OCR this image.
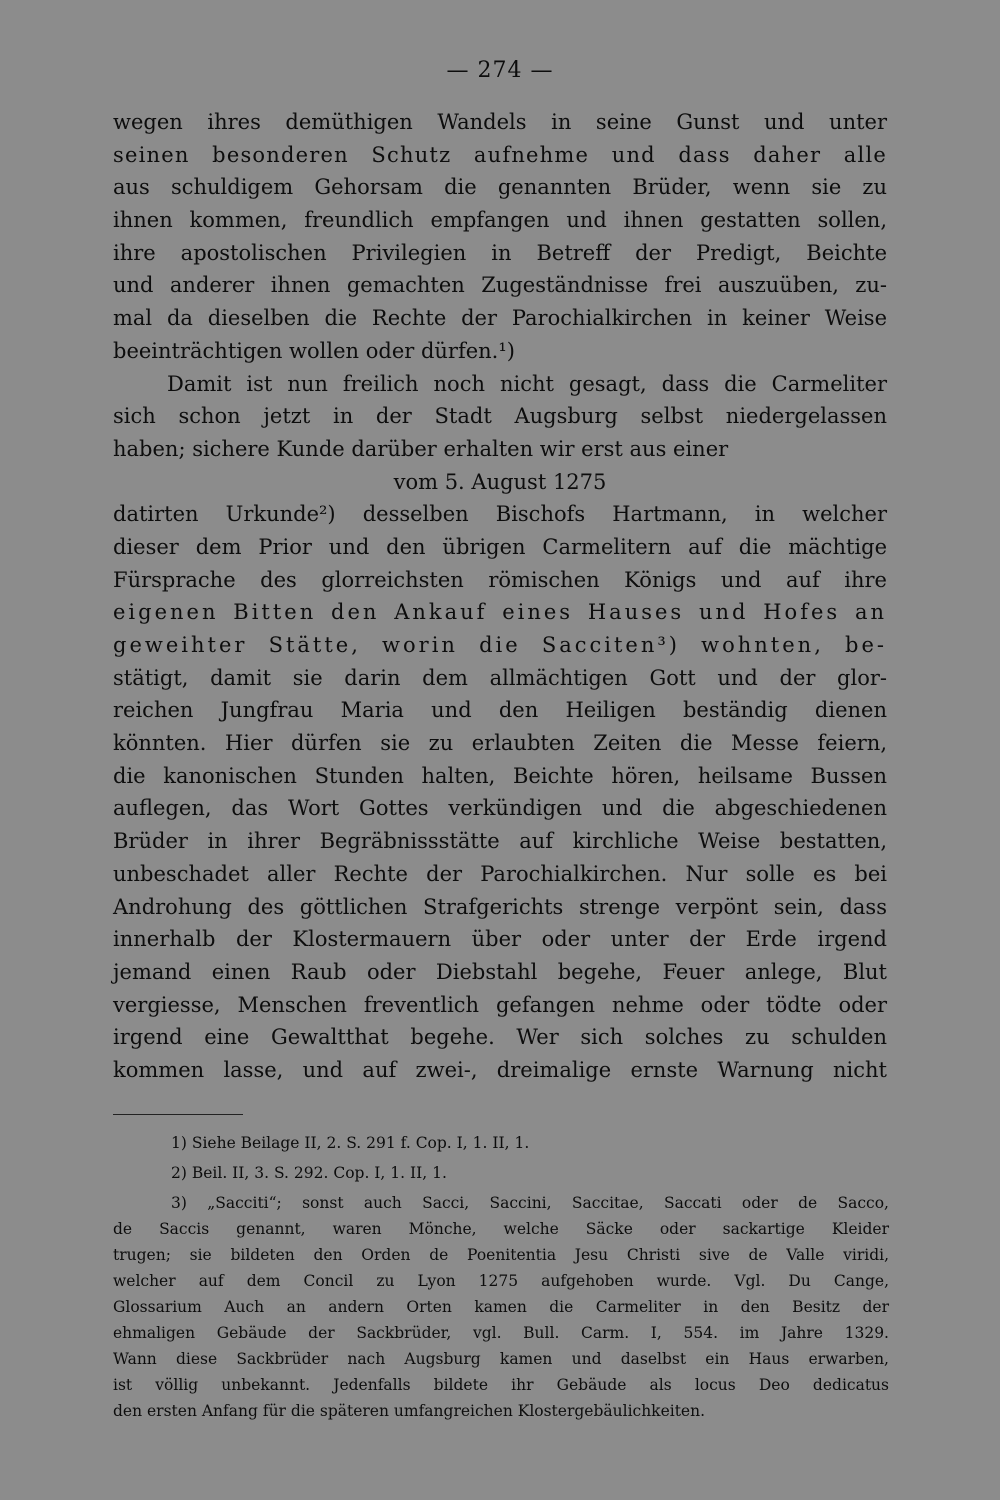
— 274 —
wegen ihres demüthigen Wandels in seine Gunst und unter
seinen besonderen Schutz aufnehme und dass daher alle
aus schuldigem Gehorsam die genannten Brüder, wenn sie zu
ihnen kommen, freundlich empfangen und ihnen gestatten sollen,
ihre apostolischen Privilegien in Betreff der Predigt, Beichte
und anderer ihnen gemachten Zugeständnisse frei auszuüben, zu-
mal da dieselben die Rechte der Parochialkirchen in keiner Weise
beeinträchtigen wollen oder dürfen.¹)
Damit ist nun freilich noch nicht gesagt, dass die Carmeliter
sich schon jetzt in der Stadt Augsburg selbst niedergelassen
haben; sichere Kunde darüber erhalten wir erst aus einer
vom 5. August 1275
datirten Urkunde²) desselben Bischofs Hartmann, in welcher
dieser dem Prior und den übrigen Carmelitern auf die mächtige
Fürsprache des glorreichsten römischen Königs und auf ihre
eigenen Bitten den Ankauf eines Hauses und Hofes an
geweihter Stätte, worin die Sacciten³) wohnten, be-
stätigt, damit sie darin dem allmächtigen Gott und der glor-
reichen Jungfrau Maria und den Heiligen beständig dienen
könnten. Hier dürfen sie zu erlaubten Zeiten die Messe feiern,
die kanonischen Stunden halten, Beichte hören, heilsame Bussen
auflegen, das Wort Gottes verkündigen und die abgeschiedenen
Brüder in ihrer Begräbnissstätte auf kirchliche Weise bestatten,
unbeschadet aller Rechte der Parochialkirchen. Nur solle es bei
Androhung des göttlichen Strafgerichts strenge verpönt sein, dass
innerhalb der Klostermauern über oder unter der Erde irgend
jemand einen Raub oder Diebstahl begehe, Feuer anlege, Blut
vergiesse, Menschen freventlich gefangen nehme oder tödte oder
irgend eine Gewaltthat begehe. Wer sich solches zu schulden
kommen lasse, und auf zwei-, dreimalige ernste Warnung nicht
1) Siehe Beilage II, 2. S. 291 f. Cop. I, 1. II, 1.
2) Beil. II, 3. S. 292. Cop. I, 1. II, 1.
3) „Sacciti“; sonst auch Sacci, Saccini, Saccitae, Saccati oder de Sacco,
de Saccis genannt, waren Mönche, welche Säcke oder sackartige Kleider
trugen; sie bildeten den Orden de Poenitentia Jesu Christi sive de Valle viridi,
welcher auf dem Concil zu Lyon 1275 aufgehoben wurde. Vgl. Du Cange,
Glossarium Auch an andern Orten kamen die Carmeliter in den Besitz der
ehmaligen Gebäude der Sackbrüder, vgl. Bull. Carm. I, 554. im Jahre 1329.
Wann diese Sackbrüder nach Augsburg kamen und daselbst ein Haus erwarben,
ist völlig unbekannt. Jedenfalls bildete ihr Gebäude als locus Deo dedicatus
den ersten Anfang für die späteren umfangreichen Klostergebäulichkeiten.
